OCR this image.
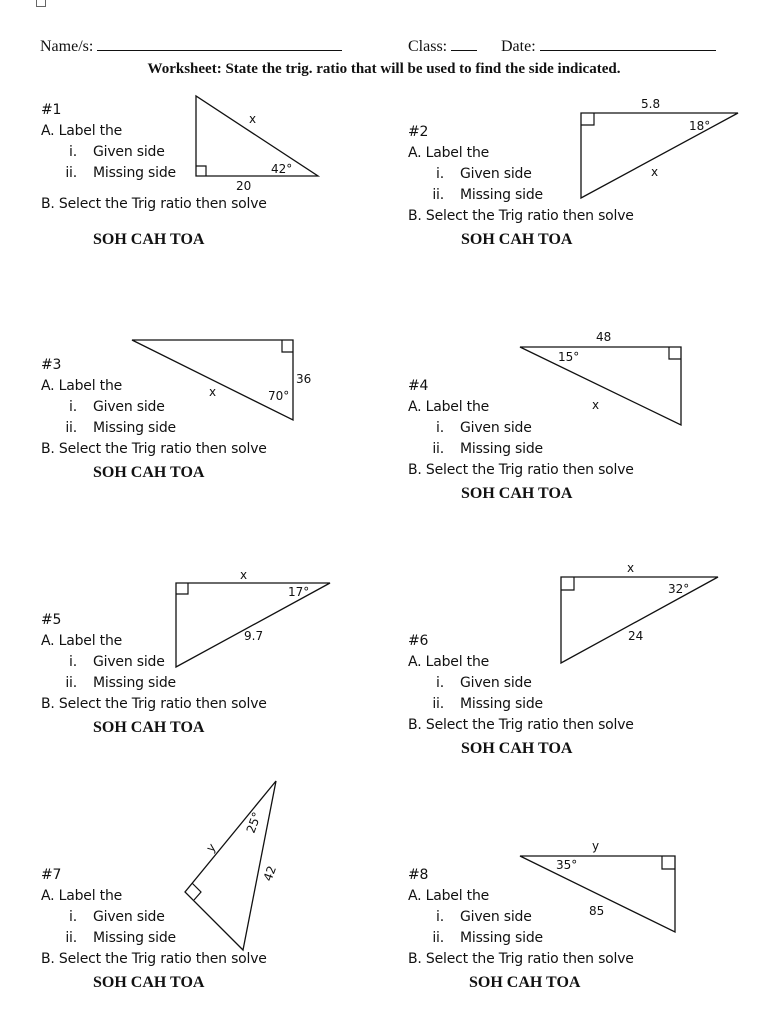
Name/s:	Class:	Date:
Worksheet: State the trig. ratio that will be used to find the side indicated.
#1
A. Label the
i. Given side
ii. Missing side
B. Select the Trig ratio then solve
SOH CAH TOA
x
42°
20
#2
A. Label the
i. Given side
ii. Missing side
B. Select the Trig ratio then solve
SOH CAH TOA
5.8
18°
x
#3
A. Label the
i. Given side
ii. Missing side
B. Select the Trig ratio then solve
SOH CAH TOA
x	70°
36	#4
A. Label the
i. Given side
ii. Missing side
B. Select the Trig ratio then solve
SOH CAH TOA
48
15°
x
#5
A. Label the
i. Given side
ii. Missing side
B. Select the Trig ratio then solve
SOH CAH TOA
x
17°
9.7	#6
A. Label the
i. Given side
ii. Missing side
B. Select the Trig ratio then solve
SOH CAH TOA
x
32°
24
#7
A. Label the
i. Given side
ii. Missing side
B. Select the Trig ratio then solve
SOH CAH TOA
y
25°
42	#8
A. Label the
i. Given side
ii. Missing side
B. Select the Trig ratio then solve
SOH CAH TOA
y
35°
85
